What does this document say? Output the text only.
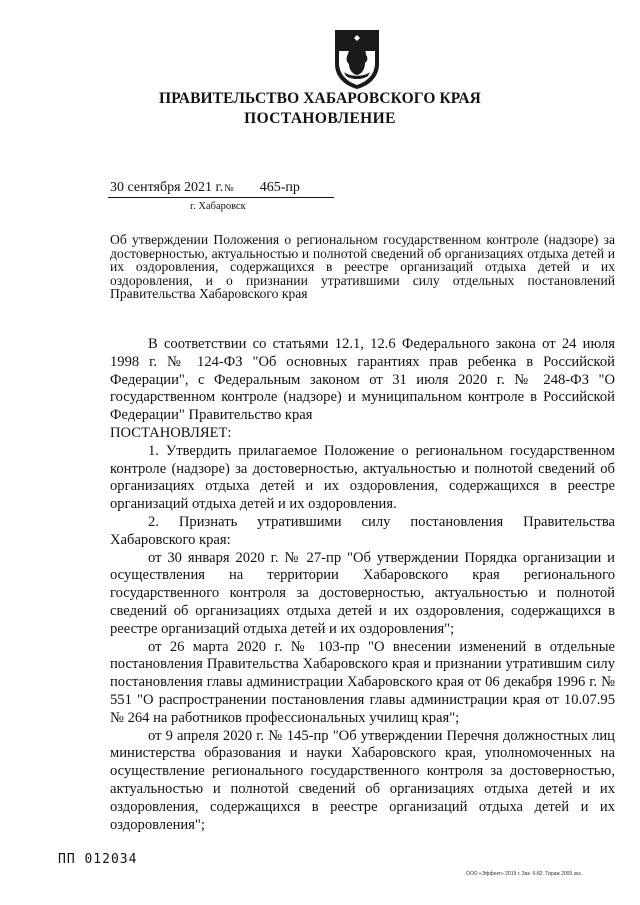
ПРАВИТЕЛЬСТВО ХАБАРОВСКОГО КРАЯ
ПОСТАНОВЛЕНИЕ
30 сентября 2021 г.№ 465-пр
г. Хабаровск
Об утверждении Положения о региональном государственном контроле (надзоре) за достоверностью, актуальностью и полнотой сведений об организациях отдыха детей и их оздоровления, содержащихся в реестре организаций отдыха детей и их оздоровления, и о признании утратившими силу отдельных постановлений Правительства Хабаровского края

В соответствии со статьями 12.1, 12.6 Федерального закона от 24 июля 1998 г. № 124-ФЗ "Об основных гарантиях прав ребенка в Российской Федерации", с Федеральным законом от 31 июля 2020 г. № 248-ФЗ "О государственном контроле (надзоре) и муниципальном контроле в Российской Федерации" Правительство края

ПОСТАНОВЛЯЕТ:

1. Утвердить прилагаемое Положение о региональном государственном контроле (надзоре) за достоверностью, актуальностью и полнотой сведений об организациях отдыха детей и их оздоровления, содержащихся в реестре организаций отдыха детей и их оздоровления.

2. Признать утратившими силу постановления Правительства Хабаровского края:

от 30 января 2020 г. № 27-пр "Об утверждении Порядка организации и осуществления на территории Хабаровского края регионального государственного контроля за достоверностью, актуальностью и полнотой сведений об организациях отдыха детей и их оздоровления, содержащихся в реестре организаций отдыха детей и их оздоровления";

от 26 марта 2020 г. № 103-пр "О внесении изменений в отдельные постановления Правительства Хабаровского края и признании утратившим силу постановления главы администрации Хабаровского края от 06 декабря 1996 г. № 551 "О распространении постановления главы администрации края от 10.07.95 № 264 на работников профессиональных училищ края";

от 9 апреля 2020 г. № 145-пр "Об утверждении Перечня должностных лиц министерства образования и науки Хабаровского края, уполномоченных на осуществление регионального государственного контроля за достоверностью, актуальностью и полнотой сведений об организациях отдыха детей и их оздоровления, содержащихся в реестре организаций отдыха детей и их оздоровления";

ПП 012034
ООО «Эффект» 2019 г. Зак. II-82. Тираж 2000 экз.
